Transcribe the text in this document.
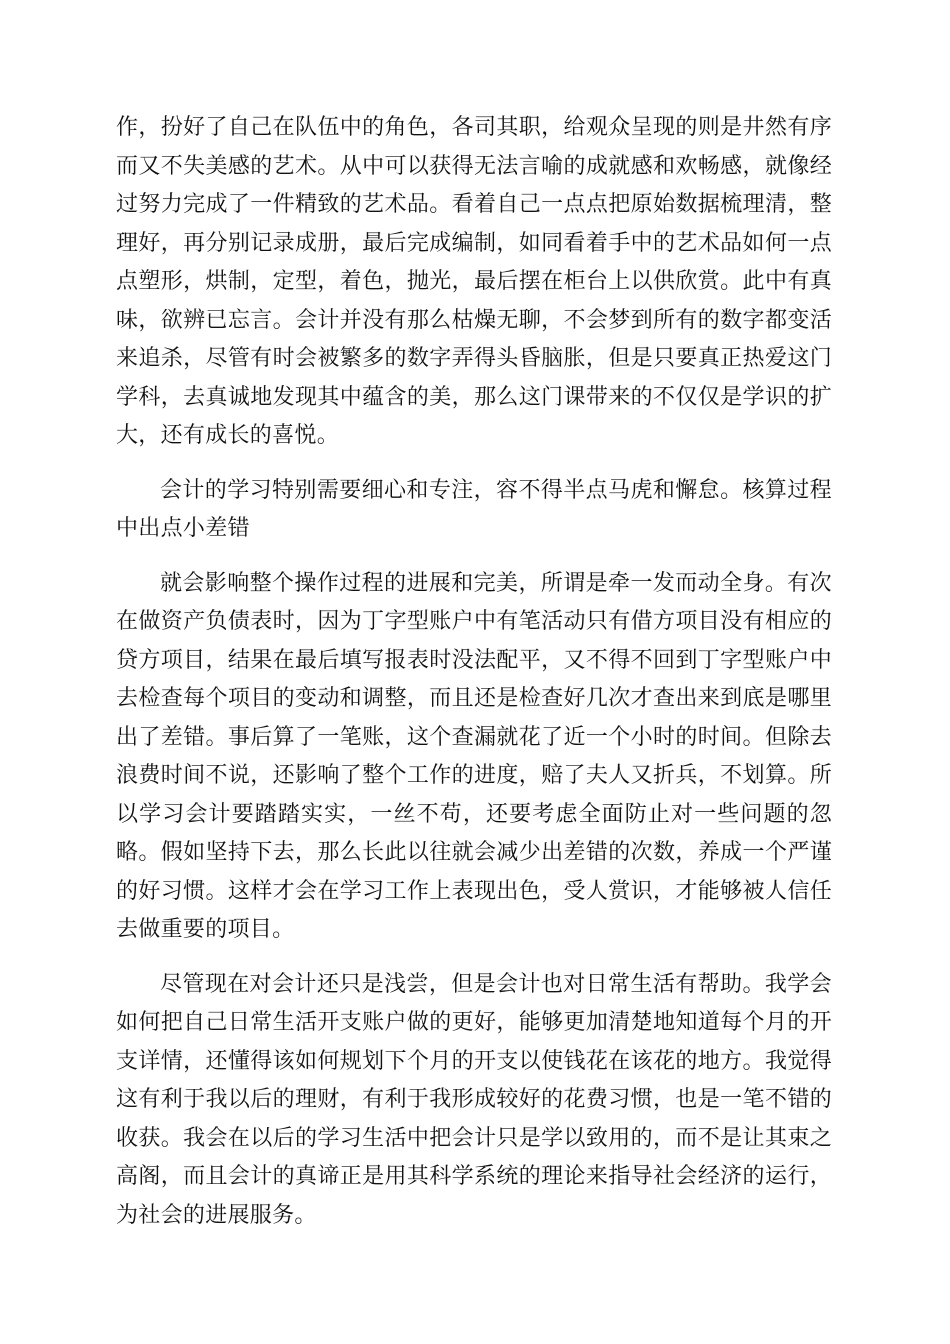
作，扮好了自己在队伍中的角色，各司其职，给观众呈现的则是井然有序而又不失美感的艺术。从中可以获得无法言喻的成就感和欢畅感，就像经过努力完成了一件精致的艺术品。看着自己一点点把原始数据梳理清，整理好，再分别记录成册，最后完成编制，如同看着手中的艺术品如何一点点塑形，烘制，定型，着色，抛光，最后摆在柜台上以供欣赏。此中有真味，欲辨已忘言。会计并没有那么枯燥无聊，不会梦到所有的数字都变活来追杀，尽管有时会被繁多的数字弄得头昏脑胀，但是只要真正热爱这门学科，去真诚地发现其中蕴含的美，那么这门课带来的不仅仅是学识的扩大，还有成长的喜悦。

会计的学习特别需要细心和专注，容不得半点马虎和懈怠。核算过程中出点小差错

就会影响整个操作过程的进展和完美，所谓是牵一发而动全身。有次在做资产负债表时，因为丁字型账户中有笔活动只有借方项目没有相应的贷方项目，结果在最后填写报表时没法配平，又不得不回到丁字型账户中去检查每个项目的变动和调整，而且还是检查好几次才查出来到底是哪里出了差错。事后算了一笔账，这个查漏就花了近一个小时的时间。但除去浪费时间不说，还影响了整个工作的进度，赔了夫人又折兵，不划算。所以学习会计要踏踏实实，一丝不苟，还要考虑全面防止对一些问题的忽略。假如坚持下去，那么长此以往就会减少出差错的次数，养成一个严谨的好习惯。这样才会在学习工作上表现出色，受人赏识，才能够被人信任去做重要的项目。

尽管现在对会计还只是浅尝，但是会计也对日常生活有帮助。我学会如何把自己日常生活开支账户做的更好，能够更加清楚地知道每个月的开支详情，还懂得该如何规划下个月的开支以使钱花在该花的地方。我觉得这有利于我以后的理财，有利于我形成较好的花费习惯，也是一笔不错的收获。我会在以后的学习生活中把会计只是学以致用的，而不是让其束之高阁，而且会计的真谛正是用其科学系统的理论来指导社会经济的运行，为社会的进展服务。
